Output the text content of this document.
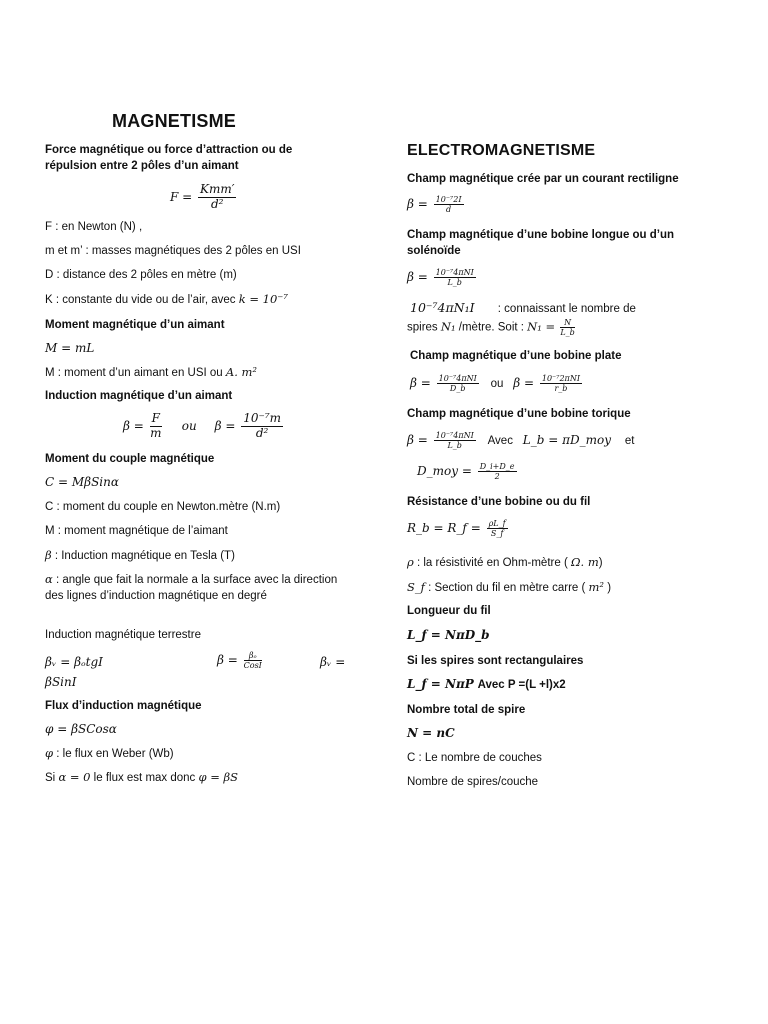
MAGNETISME
Force magnétique ou force d’attraction ou de répulsion entre 2 pôles d’un aimant
$F = \frac{\text{Kmm′}}{\text{d²}}$
F : en Newton (N) ,
m et m’ : masses magnétiques des 2 pôles en USI
D : distance des 2 pôles en mètre (m)
K : constante du vide ou de l’air, avec k = 10⁻⁷
Moment magnétique d’un aimant
M = mL
M : moment d’un aimant en USI ou A. m²
Induction magnétique d’un aimant
$\beta = \frac{F}{m}$ ou $\beta = \frac{\text{10⁻⁷m}}{\text{d²}}$
Moment du couple magnétique
C = MβSinα
C : moment du couple en Newton.mètre (N.m)
M : moment magnétique de l’aimant
β : Induction magnétique en Tesla (T)
α : angle que fait la normale a la surface avec la direction des lignes d’induction magnétique en degré
Induction magnétique terrestre
βᵥ = βₒtgI	$\beta = \frac{\text{βₒ}}{\text{CosI}}$	βᵥ =
βSinI
Flux d’induction magnétique
φ = βSCosα
φ : le flux en Weber (Wb)
Si α = 0 le flux est max donc φ = βS
ELECTROMAGNETISME
Champ magnétique crée par un courant rectiligne
$\beta = \frac{\text{10⁻⁷2I}}{d}$
Champ magnétique d’une bobine longue ou d’un solénoïde
$\beta = \frac{\text{10⁻⁷4πNI}}{L\_b}$
10⁻⁷4πN₁I : connaissant le nombre de
spires N₁ /mètre. Soit : $N_1 = \frac{N}{L\_b}$
Champ magnétique d’une bobine plate
$\beta = \frac{\text{10⁻⁷4πNI}}{D\_b}$ ou $\beta = \frac{\text{10⁻⁷2πNI}}{r\_b}$
Champ magnétique d’une bobine torique
$\beta = \frac{\text{10⁻⁷4πNI}}{L\_b}$ Avec L_b = πD_moy et
D_moy = $\frac{D\_i+D\_e}{2}$
Résistance d’une bobine ou du fil
R_b = R_f = $\frac{\rho L\_f}{S\_f}$
ρ : la résistivité en Ohm-mètre ( Ω. m)
S_f : Section du fil en mètre carre ( m² )
Longueur du fil
L_f = NπD_b
Si les spires sont rectangulaires
L_f = NπP Avec P =(L +l)x2
Nombre total de spire
N = nC
C : Le nombre de couches
Nombre de spires/couche
